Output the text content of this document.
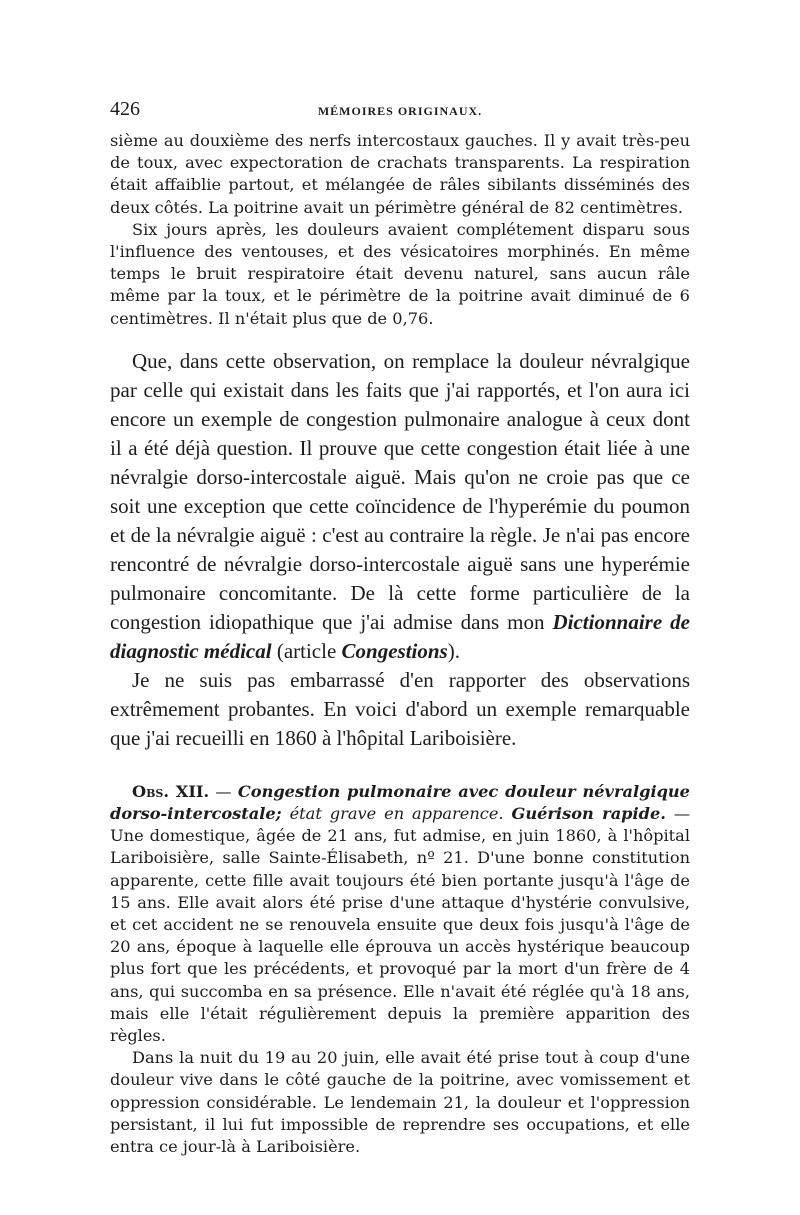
426	MÉMOIRES ORIGINAUX.

sième au douxième des nerfs intercostaux gauches. Il y avait très-peu de toux, avec expectoration de crachats transparents. La respiration était affaiblie partout, et mélangée de râles sibilants disséminés des deux côtés. La poitrine avait un périmètre général de 82 centimètres.

Six jours après, les douleurs avaient complétement disparu sous l'influence des ventouses, et des vésicatoires morphinés. En même temps le bruit respiratoire était devenu naturel, sans aucun râle même par la toux, et le périmètre de la poitrine avait diminué de 6 centimètres. Il n'était plus que de 0,76.

Que, dans cette observation, on remplace la douleur névralgique par celle qui existait dans les faits que j'ai rapportés, et l'on aura ici encore un exemple de congestion pulmonaire analogue à ceux dont il a été déjà question. Il prouve que cette congestion était liée à une névralgie dorso-intercostale aiguë. Mais qu'on ne croie pas que ce soit une exception que cette coïncidence de l'hyperémie du poumon et de la névralgie aiguë : c'est au contraire la règle. Je n'ai pas encore rencontré de névralgie dorso-intercostale aiguë sans une hyperémie pulmonaire concomitante. De là cette forme particulière de la congestion idiopathique que j'ai admise dans mon Dictionnaire de diagnostic médical (article Congestions).

Je ne suis pas embarrassé d'en rapporter des observations extrêmement probantes. En voici d'abord un exemple remarquable que j'ai recueilli en 1860 à l'hôpital Lariboisière.

Obs. XII. — Congestion pulmonaire avec douleur névralgique dorso-intercostale; état grave en apparence. Guérison rapide. — Une domestique, âgée de 21 ans, fut admise, en juin 1860, à l'hôpital Lariboisière, salle Sainte-Élisabeth, nº 21. D'une bonne constitution apparente, cette fille avait toujours été bien portante jusqu'à l'âge de 15 ans. Elle avait alors été prise d'une attaque d'hystérie convulsive, et cet accident ne se renouvela ensuite que deux fois jusqu'à l'âge de 20 ans, époque à laquelle elle éprouva un accès hystérique beaucoup plus fort que les précédents, et provoqué par la mort d'un frère de 4 ans, qui succomba en sa présence. Elle n'avait été réglée qu'à 18 ans, mais elle l'était régulièrement depuis la première apparition des règles.

Dans la nuit du 19 au 20 juin, elle avait été prise tout à coup d'une douleur vive dans le côté gauche de la poitrine, avec vomissement et oppression considérable. Le lendemain 21, la douleur et l'oppression persistant, il lui fut impossible de reprendre ses occupations, et elle entra ce jour-là à Lariboisière.
